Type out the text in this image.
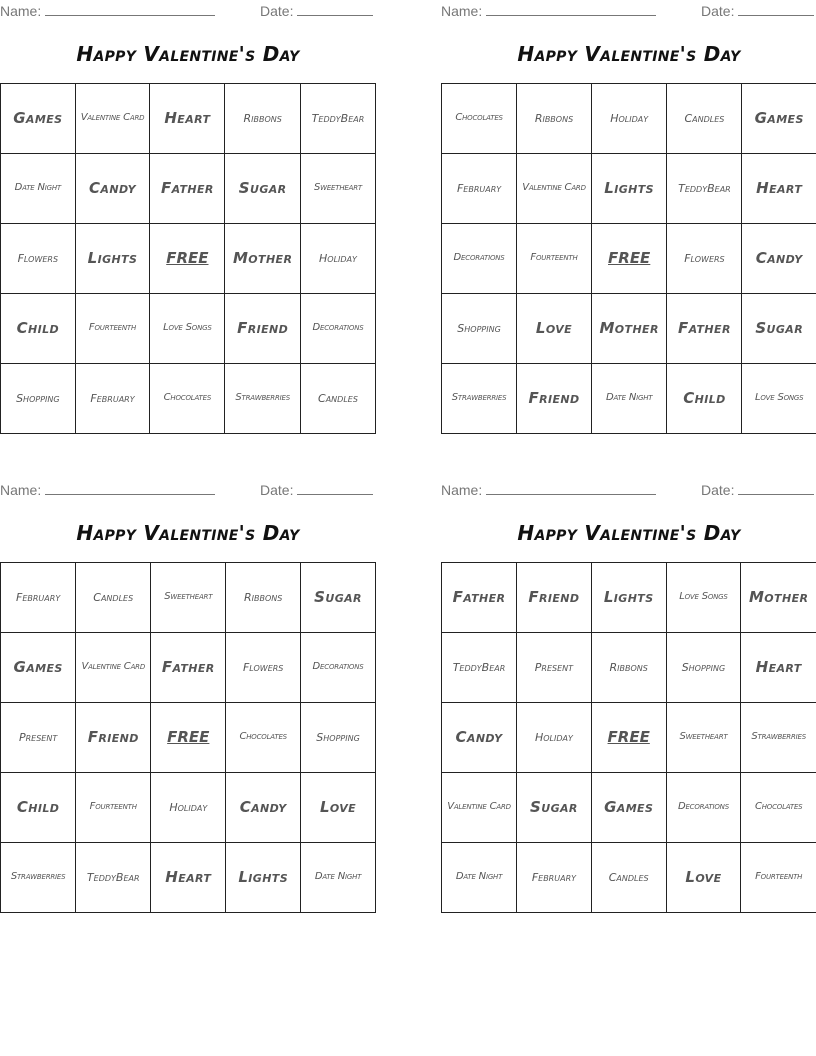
Name:	Date:
Happy Valentine's Day
Games	Valentine Card	Heart	Ribbons	TeddyBear
Date Night	Candy	Father	Sugar	Sweetheart
Flowers	Lights	FREE	Mother	Holiday
Child	Fourteenth	Love Songs	Friend	Decorations
Shopping	February	Chocolates	Strawberries	Candles
Name:	Date:
Happy Valentine's Day
Chocolates	Ribbons	Holiday	Candles	Games
February	Valentine Card	Lights	TeddyBear	Heart
Decorations	Fourteenth	FREE	Flowers	Candy
Shopping	Love	Mother	Father	Sugar
Strawberries	Friend	Date Night	Child	Love Songs
Name:	Date:
Happy Valentine's Day
February	Candles	Sweetheart	Ribbons	Sugar
Games	Valentine Card	Father	Flowers	Decorations
Present	Friend	FREE	Chocolates	Shopping
Child	Fourteenth	Holiday	Candy	Love
Strawberries	TeddyBear	Heart	Lights	Date Night
Name:	Date:
Happy Valentine's Day
Father	Friend	Lights	Love Songs	Mother
TeddyBear	Present	Ribbons	Shopping	Heart
Candy	Holiday	FREE	Sweetheart	Strawberries
Valentine Card	Sugar	Games	Decorations	Chocolates
Date Night	February	Candles	Love	Fourteenth
